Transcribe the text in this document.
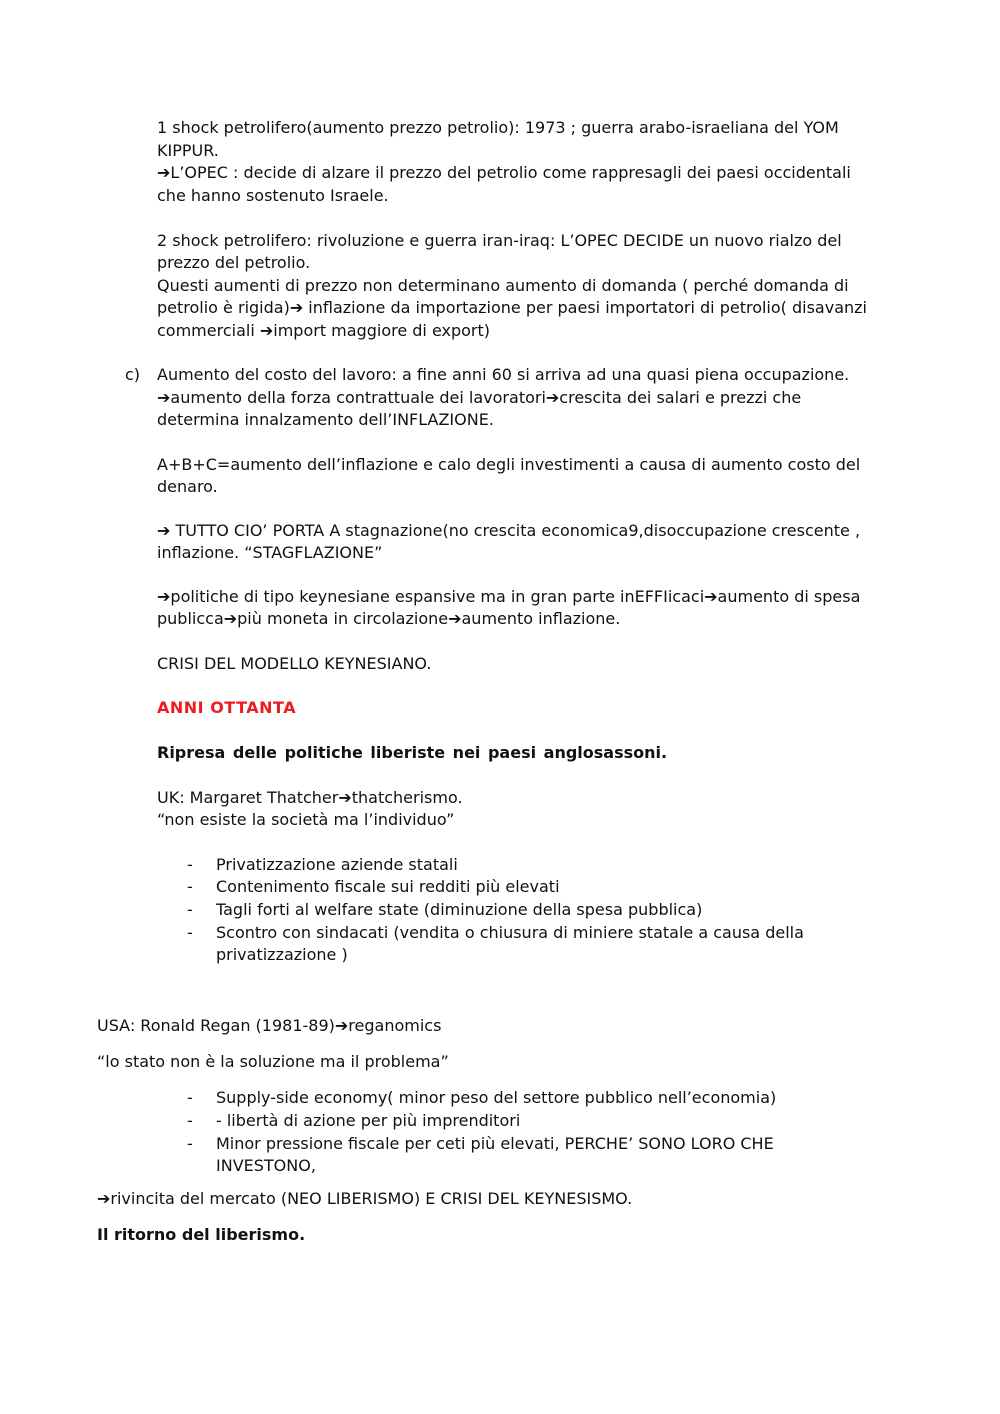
1 shock petrolifero(aumento prezzo petrolio): 1973 ; guerra arabo-israeliana del YOM
KIPPUR.
➔L’OPEC : decide di alzare il prezzo del petrolio come rappresagli dei paesi occidentali
che hanno sostenuto Israele.
2 shock petrolifero: rivoluzione e guerra iran-iraq: L’OPEC DECIDE un nuovo rialzo del
prezzo del petrolio.
Questi aumenti di prezzo non determinano aumento di domanda ( perché domanda di
petrolio è rigida)➔ inflazione da importazione per paesi importatori di petrolio( disavanzi
commerciali ➔import maggiore di export)
c) Aumento del costo del lavoro: a fine anni 60 si arriva ad una quasi piena occupazione.
➔aumento della forza contrattuale dei lavoratori➔crescita dei salari e prezzi che
determina innalzamento dell’INFLAZIONE.
A+B+C=aumento dell’inflazione e calo degli investimenti a causa di aumento costo del
denaro.
➔ TUTTO CIO’ PORTA A stagnazione(no crescita economica9,disoccupazione crescente ,
inflazione. “STAGFLAZIONE”
➔politiche di tipo keynesiane espansive ma in gran parte inEFFIicaci➔aumento di spesa
publicca➔più moneta in circolazione➔aumento inflazione.
CRISI DEL MODELLO KEYNESIANO.
ANNI OTTANTA
Ripresa delle politiche liberiste nei paesi anglosassoni.
UK: Margaret Thatcher➔thatcherismo.
“non esiste la società ma l’individuo”
- Privatizzazione aziende statali
- Contenimento fiscale sui redditi più elevati
- Tagli forti al welfare state (diminuzione della spesa pubblica)
- Scontro con sindacati (vendita o chiusura di miniere statale a causa della
privatizzazione )
USA: Ronald Regan (1981-89)➔reganomics
“lo stato non è la soluzione ma il problema”
- Supply-side economy( minor peso del settore pubblico nell’economia)
- - libertà di azione per più imprenditori
- Minor pressione fiscale per ceti più elevati, PERCHE’ SONO LORO CHE
INVESTONO,
➔rivincita del mercato (NEO LIBERISMO) E CRISI DEL KEYNESISMO.
Il ritorno del liberismo.
